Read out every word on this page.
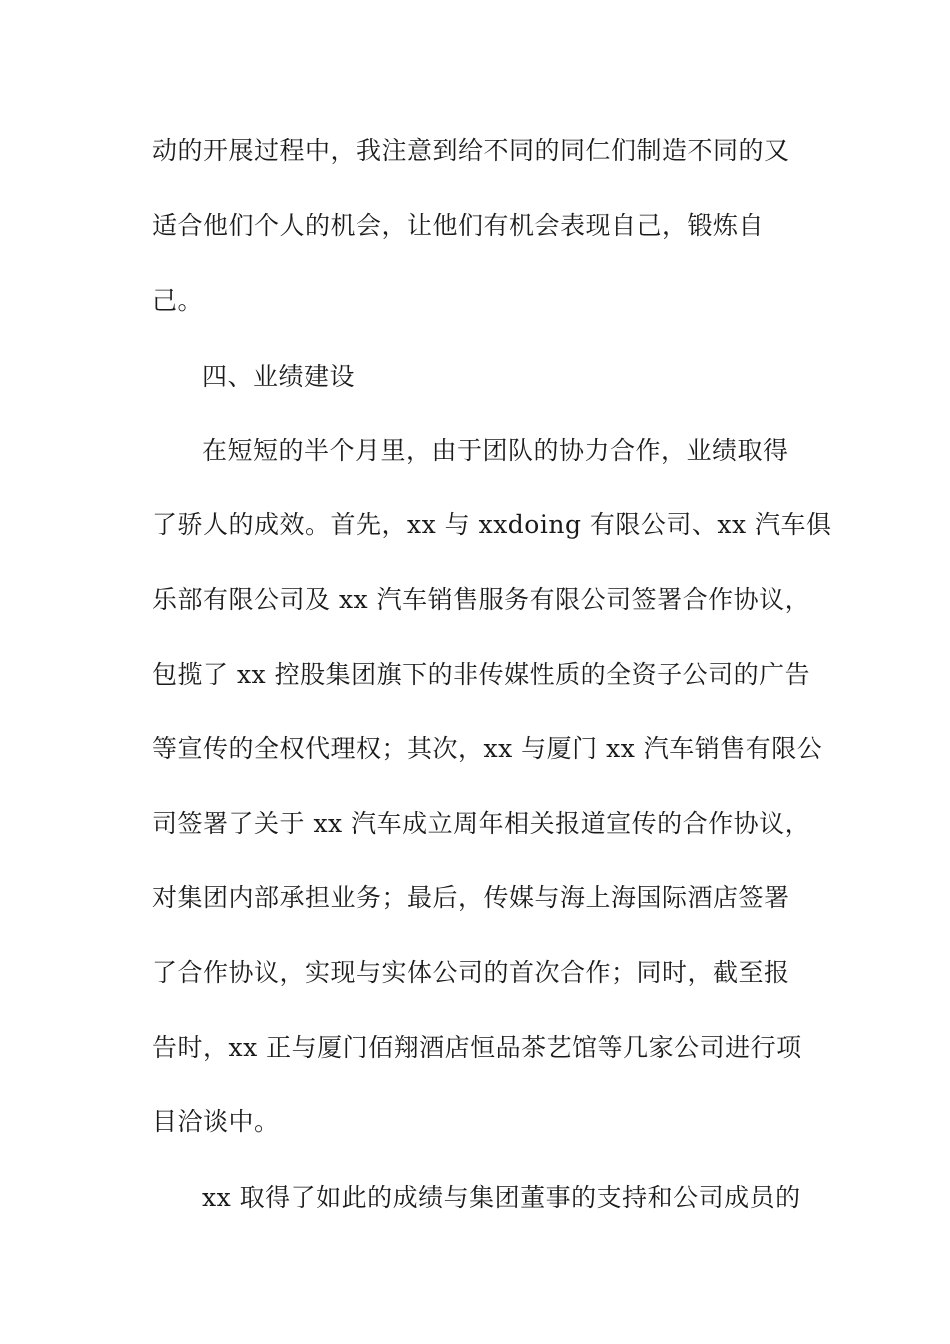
动的开展过程中，我注意到给不同的同仁们制造不同的又
适合他们个人的机会，让他们有机会表现自己，锻炼自
己。
四、业绩建设
在短短的半个月里，由于团队的协力合作，业绩取得
了骄人的成效。首先，xx 与 xxdoing 有限公司、xx 汽车俱
乐部有限公司及 xx 汽车销售服务有限公司签署合作协议，
包揽了 xx 控股集团旗下的非传媒性质的全资子公司的广告
等宣传的全权代理权；其次，xx 与厦门 xx 汽车销售有限公
司签署了关于 xx 汽车成立周年相关报道宣传的合作协议，
对集团内部承担业务；最后，传媒与海上海国际酒店签署
了合作协议，实现与实体公司的首次合作；同时，截至报
告时，xx 正与厦门佰翔酒店恒品茶艺馆等几家公司进行项
目洽谈中。
xx 取得了如此的成绩与集团董事的支持和公司成员的
